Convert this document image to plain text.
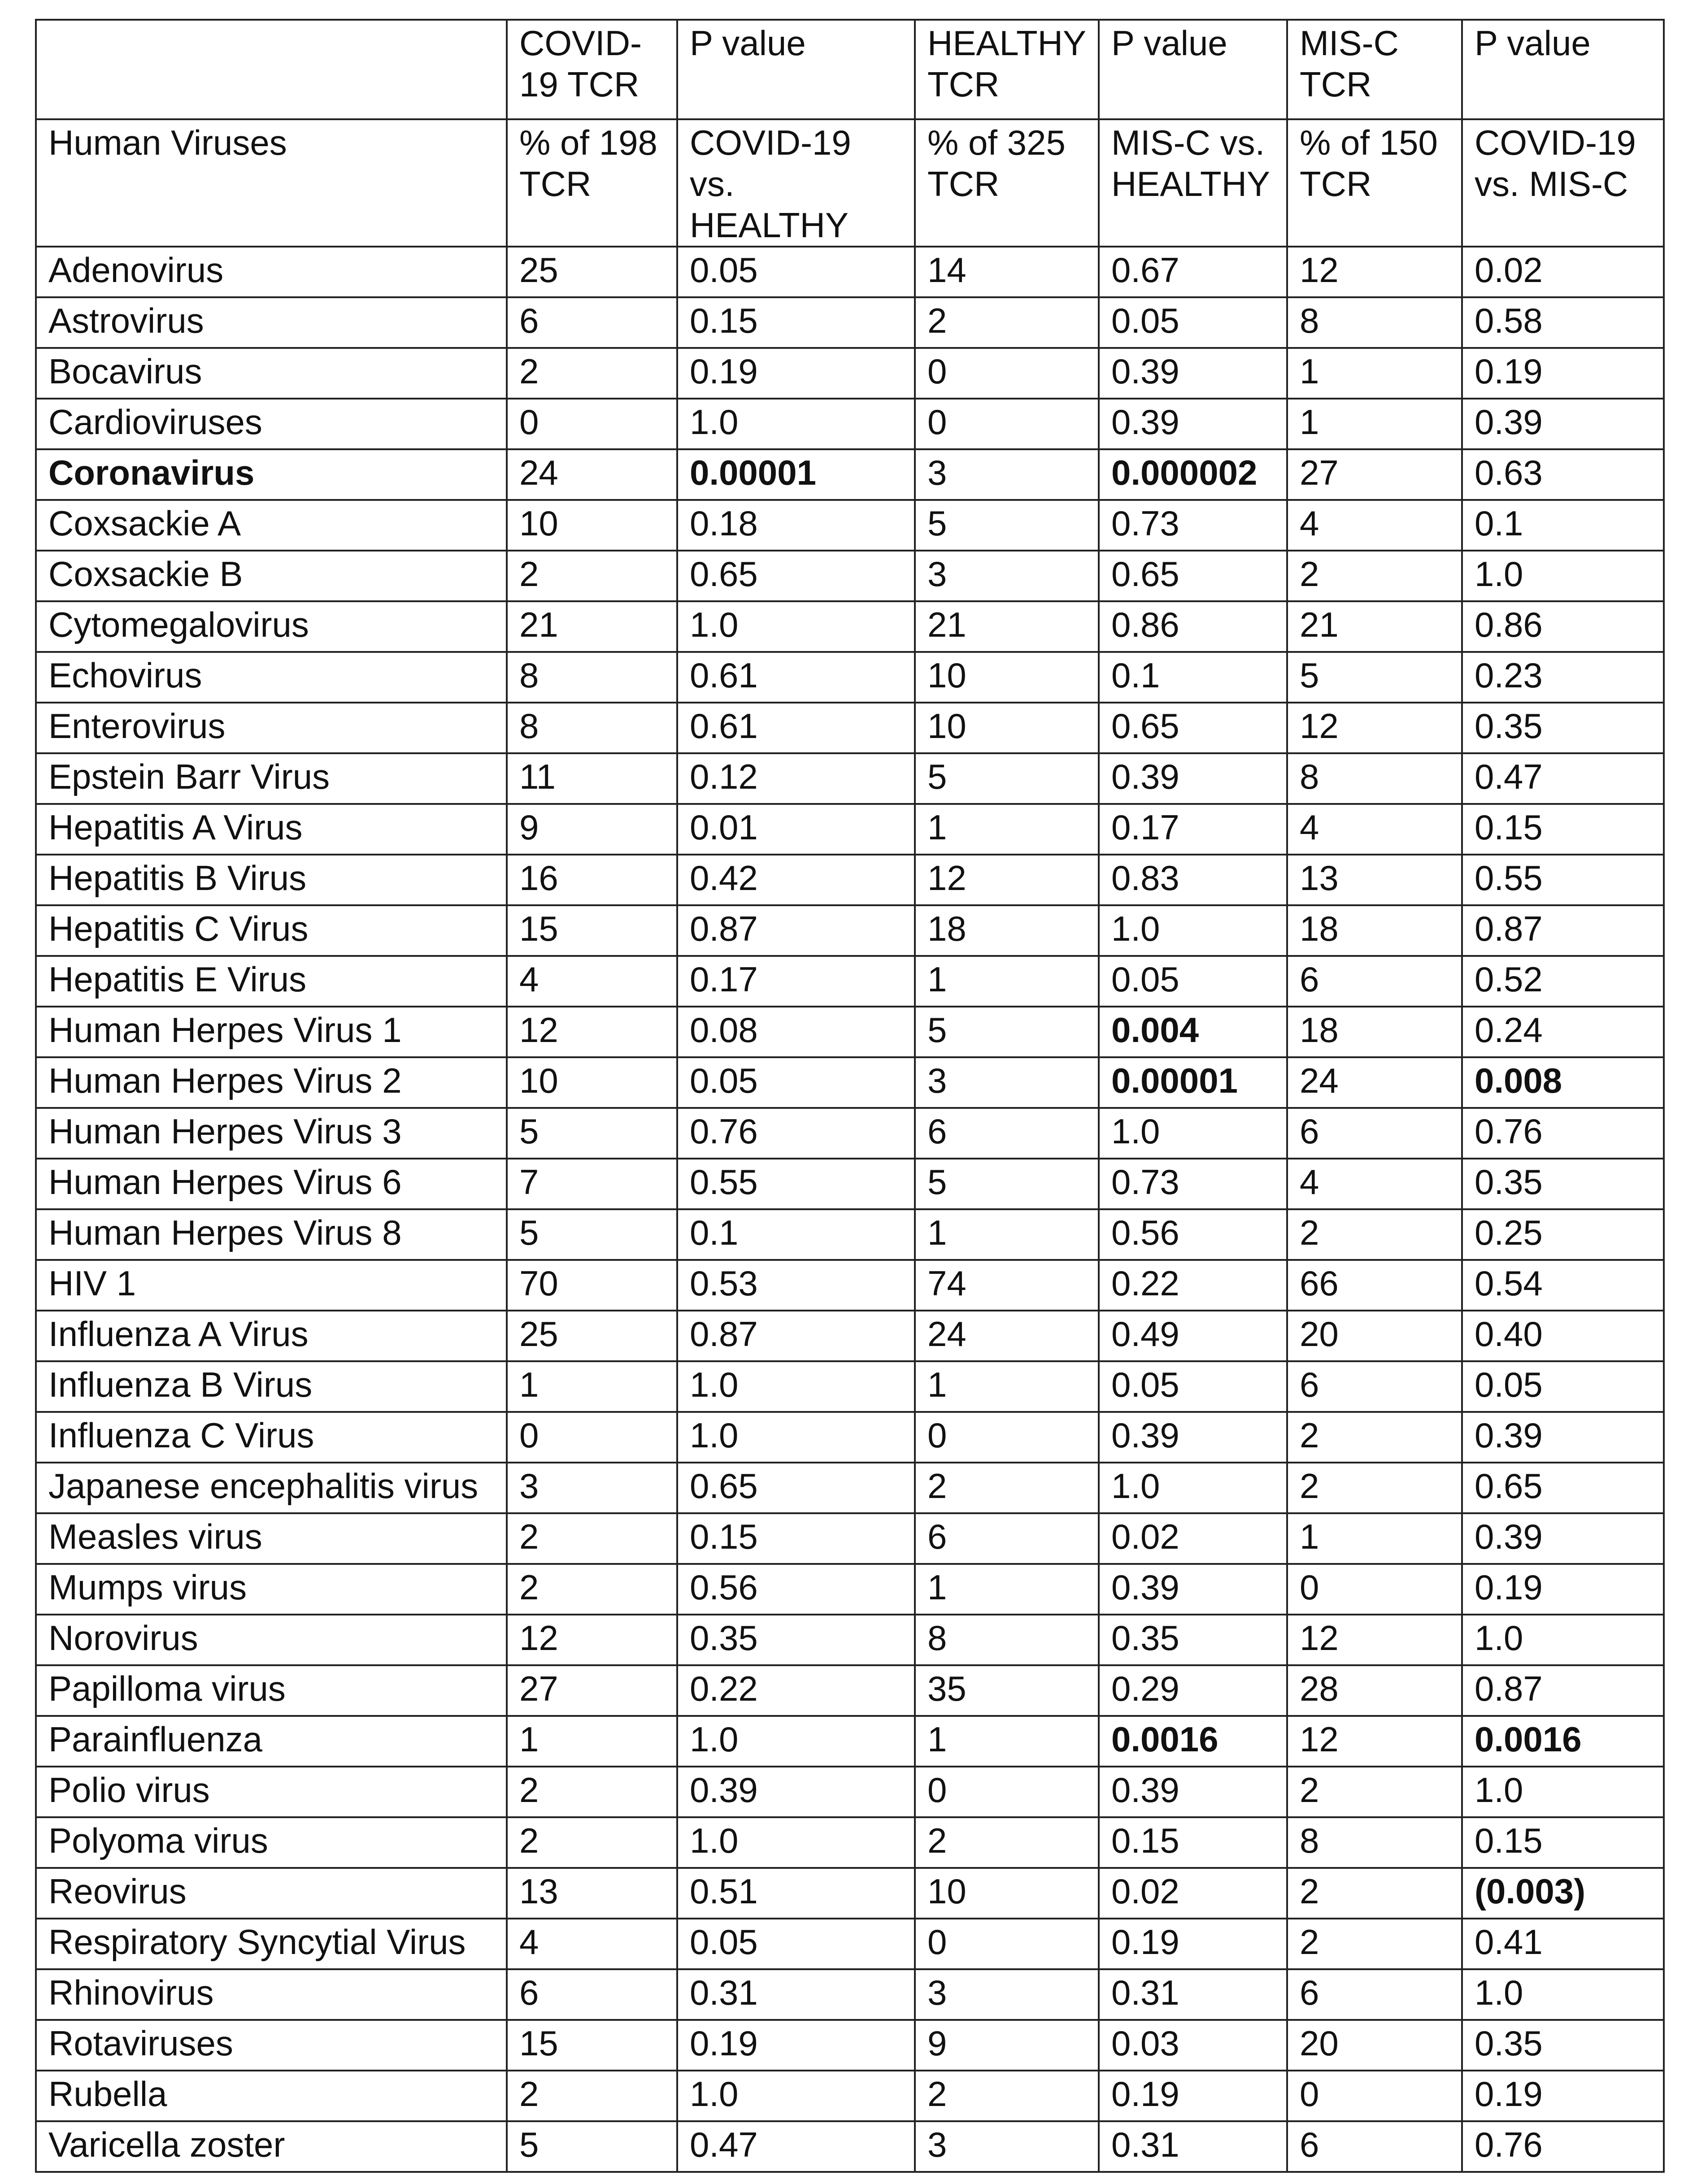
	COVID-19 TCR	P value	HEALTHY TCR	P value	MIS-C TCR	P value
Human Viruses	% of 198 TCR	COVID-19 vs. HEALTHY	% of 325 TCR	MIS-C vs. HEALTHY	% of 150 TCR	COVID-19 vs. MIS-C
Adenovirus	25	0.05	14	0.67	12	0.02
Astrovirus	6	0.15	2	0.05	8	0.58
Bocavirus	2	0.19	0	0.39	1	0.19
Cardioviruses	0	1.0	0	0.39	1	0.39
Coronavirus	24	0.00001	3	0.000002	27	0.63
Coxsackie A	10	0.18	5	0.73	4	0.1
Coxsackie B	2	0.65	3	0.65	2	1.0
Cytomegalovirus	21	1.0	21	0.86	21	0.86
Echovirus	8	0.61	10	0.1	5	0.23
Enterovirus	8	0.61	10	0.65	12	0.35
Epstein Barr Virus	11	0.12	5	0.39	8	0.47
Hepatitis A Virus	9	0.01	1	0.17	4	0.15
Hepatitis B Virus	16	0.42	12	0.83	13	0.55
Hepatitis C Virus	15	0.87	18	1.0	18	0.87
Hepatitis E Virus	4	0.17	1	0.05	6	0.52
Human Herpes Virus 1	12	0.08	5	0.004	18	0.24
Human Herpes Virus 2	10	0.05	3	0.00001	24	0.008
Human Herpes Virus 3	5	0.76	6	1.0	6	0.76
Human Herpes Virus 6	7	0.55	5	0.73	4	0.35
Human Herpes Virus 8	5	0.1	1	0.56	2	0.25
HIV 1	70	0.53	74	0.22	66	0.54
Influenza A Virus	25	0.87	24	0.49	20	0.40
Influenza B Virus	1	1.0	1	0.05	6	0.05
Influenza C Virus	0	1.0	0	0.39	2	0.39
Japanese encephalitis virus	3	0.65	2	1.0	2	0.65
Measles virus	2	0.15	6	0.02	1	0.39
Mumps virus	2	0.56	1	0.39	0	0.19
Norovirus	12	0.35	8	0.35	12	1.0
Papilloma virus	27	0.22	35	0.29	28	0.87
Parainfluenza	1	1.0	1	0.0016	12	0.0016
Polio virus	2	0.39	0	0.39	2	1.0
Polyoma virus	2	1.0	2	0.15	8	0.15
Reovirus	13	0.51	10	0.02	2	(0.003)
Respiratory Syncytial Virus	4	0.05	0	0.19	2	0.41
Rhinovirus	6	0.31	3	0.31	6	1.0
Rotaviruses	15	0.19	9	0.03	20	0.35
Rubella	2	1.0	2	0.19	0	0.19
Varicella zoster	5	0.47	3	0.31	6	0.76
